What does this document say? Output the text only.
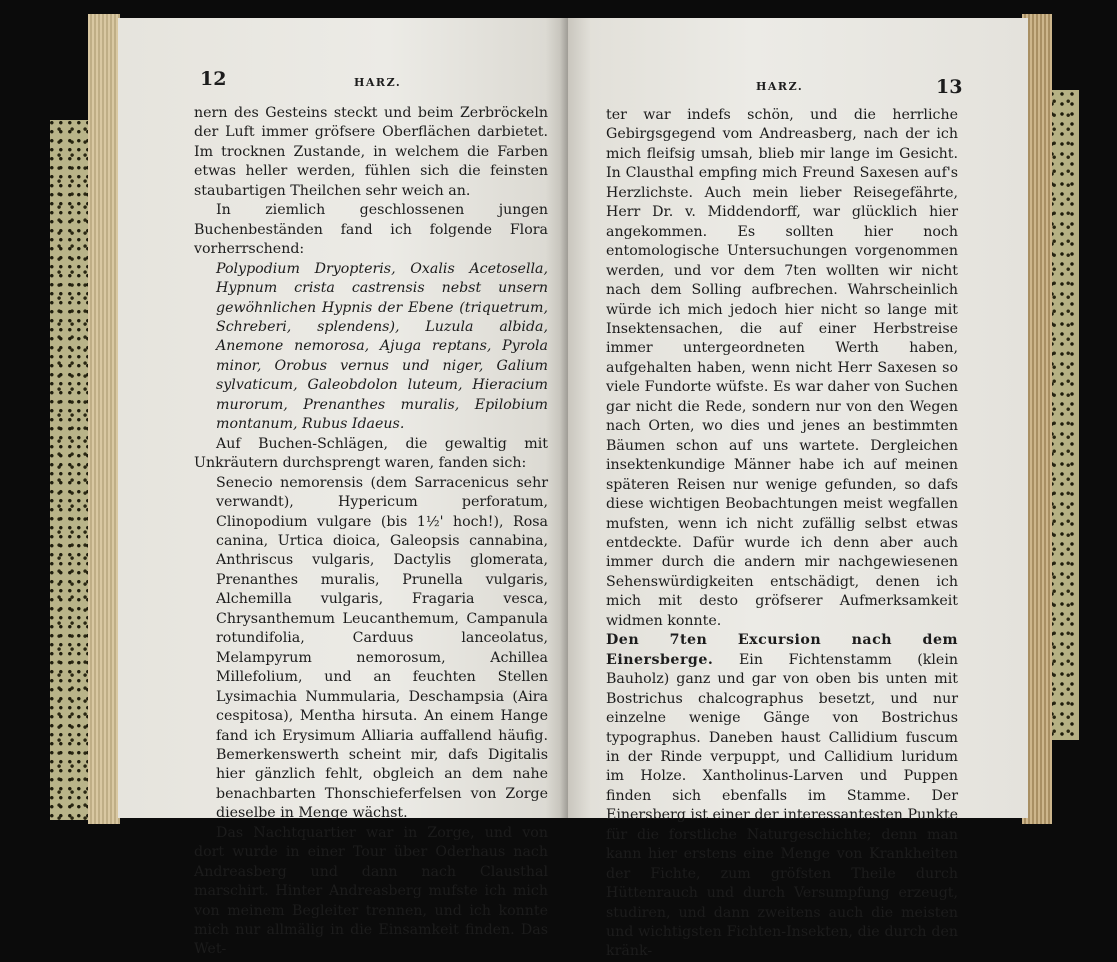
12	HARZ.

nern des Gesteins steckt und beim Zerbröckeln der Luft immer gröfsere Oberflächen darbietet. Im trocknen Zustande, in welchem die Farben etwas heller werden, fühlen sich die feinsten staubartigen Theilchen sehr weich an.

In ziemlich geschlossenen jungen Buchenbeständen fand ich folgende Flora vorherrschend:

Polypodium Dryopteris, Oxalis Acetosella, Hypnum crista castrensis nebst unsern gewöhnlichen Hypnis der Ebene (triquetrum, Schreberi, splendens), Luzula albida, Anemone nemorosa, Ajuga reptans, Pyrola minor, Orobus vernus und niger, Galium sylvaticum, Galeobdolon luteum, Hieracium murorum, Prenanthes muralis, Epilobium montanum, Rubus Idaeus.

Auf Buchen-Schlägen, die gewaltig mit Unkräutern durchsprengt waren, fanden sich:

Senecio nemorensis (dem Sarracenicus sehr verwandt), Hypericum perforatum, Clinopodium vulgare (bis 1½' hoch!), Rosa canina, Urtica dioica, Galeopsis cannabina, Anthriscus vulgaris, Dactylis glomerata, Prenanthes muralis, Prunella vulgaris, Alchemilla vulgaris, Fragaria vesca, Chrysanthemum Leucanthemum, Campanula rotundifolia, Carduus lanceolatus, Melampyrum nemorosum, Achillea Millefolium, und an feuchten Stellen Lysimachia Nummularia, Deschampsia (Aira cespitosa), Mentha hirsuta. An einem Hange fand ich Erysimum Alliaria auffallend häufig. Bemerkenswerth scheint mir, dafs Digitalis hier gänzlich fehlt, obgleich an dem nahe benachbarten Thonschieferfelsen von Zorge dieselbe in Menge wächst.

Das Nachtquartier war in Zorge, und von dort wurde in einer Tour über Oderhaus nach Andreasberg und dann nach Clausthal marschirt. Hinter Andreasberg mufste ich mich von meinem Begleiter trennen, und ich konnte mich nur allmälig in die Einsamkeit finden. Das Wet-

HARZ.	13

ter war indefs schön, und die herrliche Gebirgsgegend vom Andreasberg, nach der ich mich fleifsig umsah, blieb mir lange im Gesicht. In Clausthal empfing mich Freund Saxesen auf's Herzlichste. Auch mein lieber Reisegefährte, Herr Dr. v. Middendorff, war glücklich hier angekommen. Es sollten hier noch entomologische Untersuchungen vorgenommen werden, und vor dem 7ten wollten wir nicht nach dem Solling aufbrechen. Wahrscheinlich würde ich mich jedoch hier nicht so lange mit Insektensachen, die auf einer Herbstreise immer untergeordneten Werth haben, aufgehalten haben, wenn nicht Herr Saxesen so viele Fundorte wüfste. Es war daher von Suchen gar nicht die Rede, sondern nur von den Wegen nach Orten, wo dies und jenes an bestimmten Bäumen schon auf uns wartete. Dergleichen insektenkundige Männer habe ich auf meinen späteren Reisen nur wenige gefunden, so dafs diese wichtigen Beobachtungen meist wegfallen mufsten, wenn ich nicht zufällig selbst etwas entdeckte. Dafür wurde ich denn aber auch immer durch die andern mir nachgewiesenen Sehenswürdigkeiten entschädigt, denen ich mich mit desto gröfserer Aufmerksamkeit widmen konnte.

Den 7ten Excursion nach dem Einersberge. Ein Fichtenstamm (klein Bauholz) ganz und gar von oben bis unten mit Bostrichus chalcographus besetzt, und nur einzelne wenige Gänge von Bostrichus typographus. Daneben haust Callidium fuscum in der Rinde verpuppt, und Callidium luridum im Holze. Xantholinus-Larven und Puppen finden sich ebenfalls im Stamme. Der Einersberg ist einer der interessantesten Punkte für die forstliche Naturgeschichte; denn man kann hier erstens eine Menge von Krankheiten der Fichte, zum gröfsten Theile durch Hüttenrauch und durch Versumpfung erzeugt, studiren, und dann zweitens auch die meisten und wichtigsten Fichten-Insekten, die durch den kränk-
